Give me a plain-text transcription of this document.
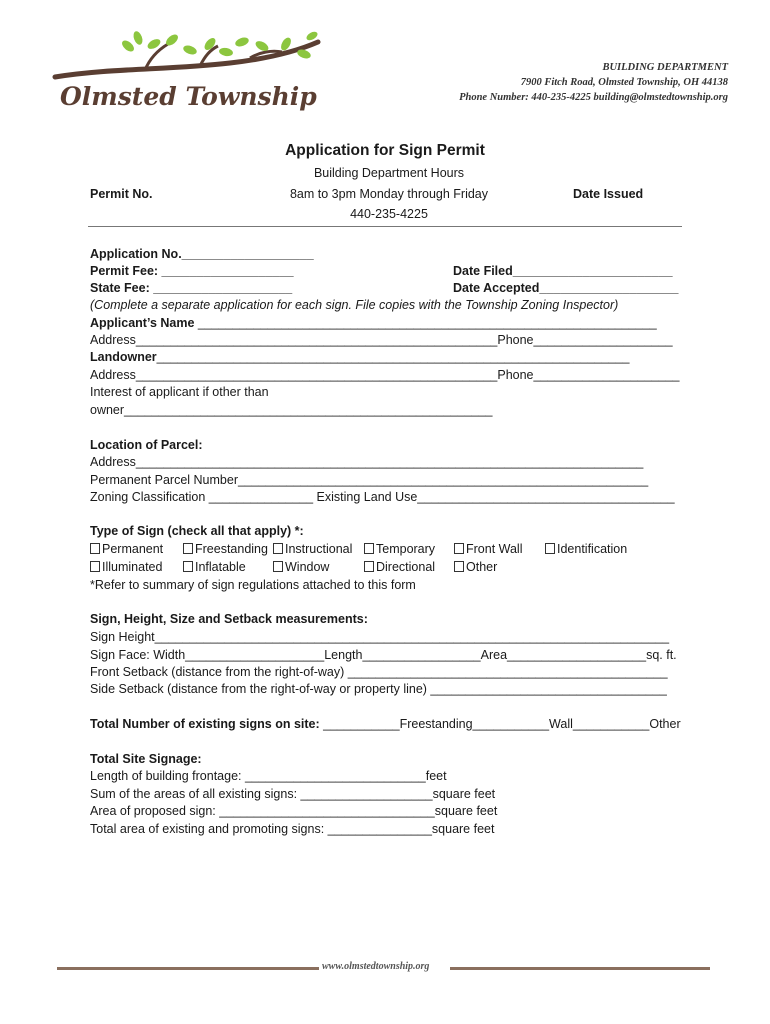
Olmsted Township
BUILDING DEPARTMENT
7900 Fitch Road, Olmsted Township, OH 44138
Phone Number: 440-235-4225 building@olmstedtownship.org
Application for Sign Permit
Building Department Hours
8am to 3pm Monday through Friday
440-235-4225
Permit No.	Date Issued
Application No.___________________
Permit Fee: ___________________	Date Filed_______________________
State Fee: ____________________	Date Accepted____________________
(Complete a separate application for each sign. File copies with the Township Zoning Inspector)
Applicant’s Name __________________________________________________________________
Address____________________________________________________Phone____________________
Landowner____________________________________________________________________
Address____________________________________________________Phone_____________________
Interest of applicant if other than
owner_____________________________________________________
Location of Parcel:
Address_________________________________________________________________________
Permanent Parcel Number___________________________________________________________
Zoning Classification _______________ Existing Land Use_____________________________________
Type of Sign (check all that apply) *:
Permanent	Freestanding	Instructional	Temporary	Front Wall	Identification
Illuminated	Inflatable	Window	Directional	Other
*Refer to summary of sign regulations attached to this form
Sign, Height, Size and Setback measurements:
Sign Height__________________________________________________________________________
Sign Face: Width____________________Length_________________Area____________________sq. ft.
Front Setback (distance from the right-of-way) ______________________________________________
Side Setback (distance from the right-of-way or property line) __________________________________
Total Number of existing signs on site: ___________Freestanding___________Wall___________Other
Total Site Signage:
Length of building frontage: __________________________feet
Sum of the areas of all existing signs: ___________________square feet
Area of proposed sign: _______________________________square feet
Total area of existing and promoting signs: _______________square feet
www.olmstedtownship.org
